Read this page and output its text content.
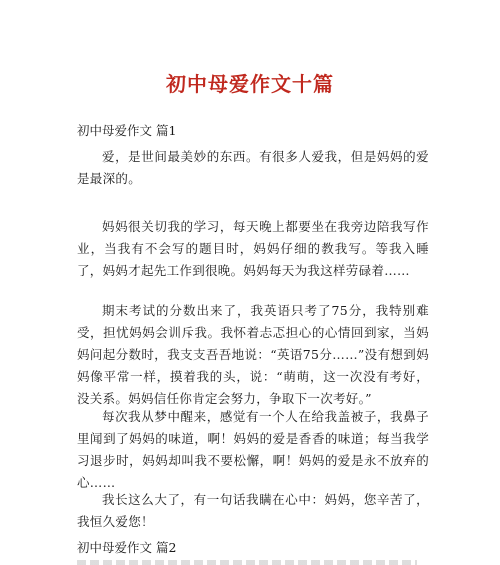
初中母爱作文十篇
初中母爱作文 篇1

爱，是世间最美妙的东西。有很多人爱我，但是妈妈的爱是最深的。

妈妈很关切我的学习，每天晚上都要坐在我旁边陪我写作业，当我有不会写的题目时，妈妈仔细的教我写。等我入睡了，妈妈才起先工作到很晚。妈妈每天为我这样劳碌着……

期末考试的分数出来了，我英语只考了75分，我特别难受，担忧妈妈会训斥我。我怀着忐忑担心的心情回到家，当妈妈问起分数时，我支支吾吾地说：“英语75分……”没有想到妈妈像平常一样，摸着我的头，说：“萌萌，这一次没有考好，没关系。妈妈信任你肯定会努力，争取下一次考好。”

每次我从梦中醒来，感觉有一个人在给我盖被子，我鼻子里闻到了妈妈的味道，啊！妈妈的爱是香香的味道；每当我学习退步时，妈妈却叫我不要松懈，啊！妈妈的爱是永不放弃的心……

我长这么大了，有一句话我瞒在心中：妈妈，您辛苦了，我恒久爱您！

初中母爱作文 篇2
